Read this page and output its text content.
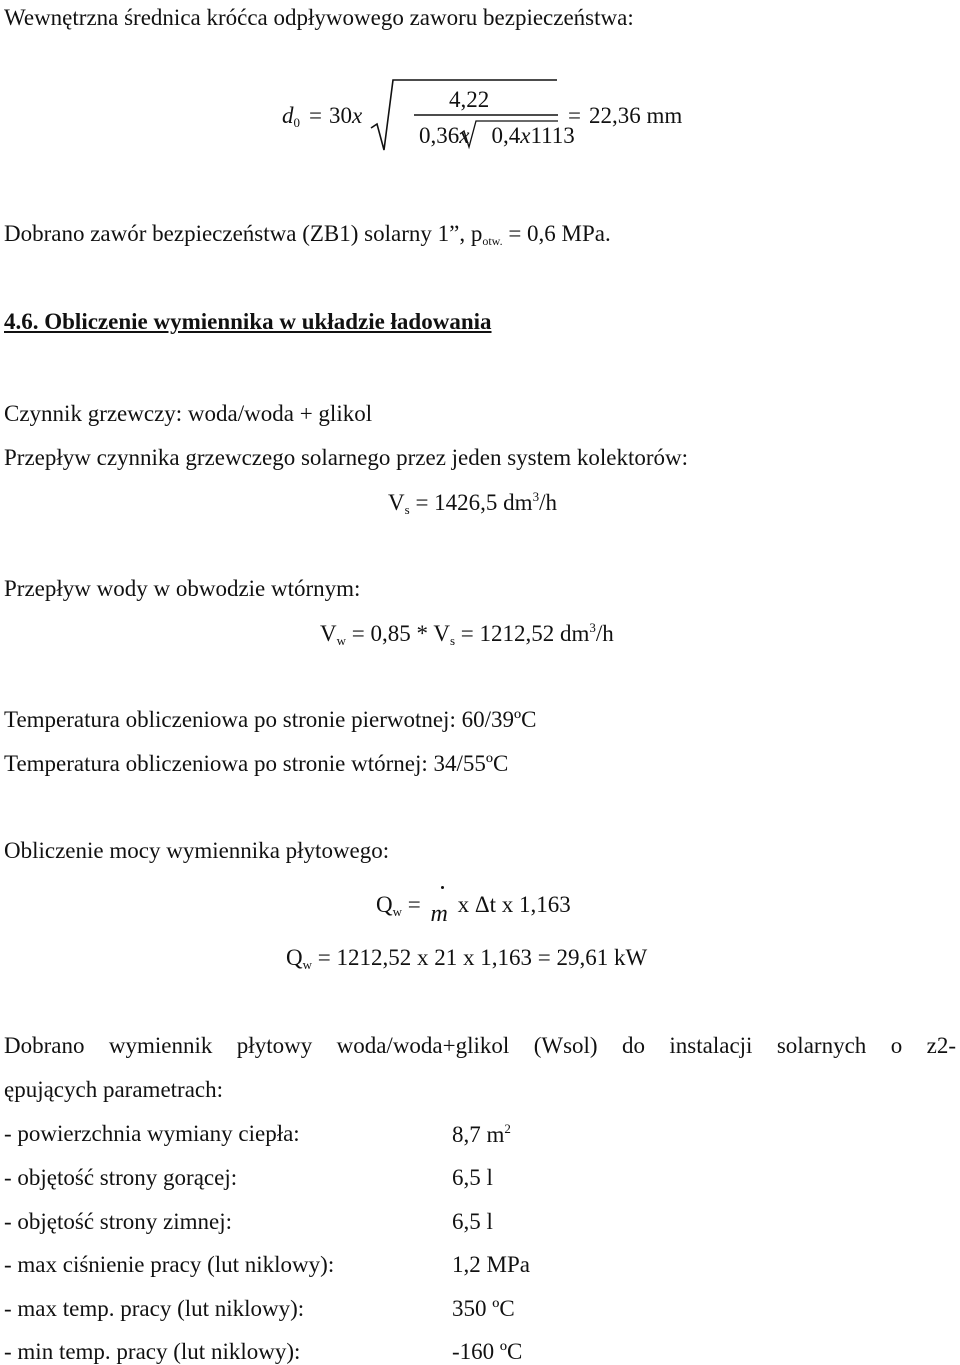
Wewnętrzna średnica króćca odpływowego zaworu bezpieczeństwa:
$d_0 = 30x$
4,22
0,36x 0,4x1113
= 22,36 mm
Dobrano zawór bezpieczeństwa (ZB1) solarny 1”, $p_{otw.} = 0,6$ MPa.
4.6. Obliczenie wymiennika w układzie ładowania
Czynnik grzewczy: woda/woda + glikol
Przepływ czynnika grzewczego solarnego przez jeden system kolektorów:
$V_s = 1426,5$ $dm^3/h$
Przepływ wody w obwodzie wtórnym:
$V_w = 0,85 * V_s = 1212,52$ $dm^3/h$
Temperatura obliczeniowa po stronie pierwotnej: 60/39ºC
Temperatura obliczeniowa po stronie wtórnej: 34/55ºC
Obliczenie mocy wymiennika płytowego:
$Q_w = m$ x Δt x 1,163
$Q_w = 1212,52$ x 21 x 1,163 = 29,61 kW
Dobrano wymiennik płytowy woda/woda+glikol (Wsol) do instalacji solarnych o z2-
ępujących parametrach:
- powierzchnia wymiany ciepła:	8,7 $m^2$
- objętość strony gorącej:	6,5 l
- objętość strony zimnej:	6,5 l
- max ciśnienie pracy (lut niklowy):	1,2 MPa
- max temp. pracy (lut niklowy):	350 ºC
- min temp. pracy (lut niklowy):	-160 ºC
